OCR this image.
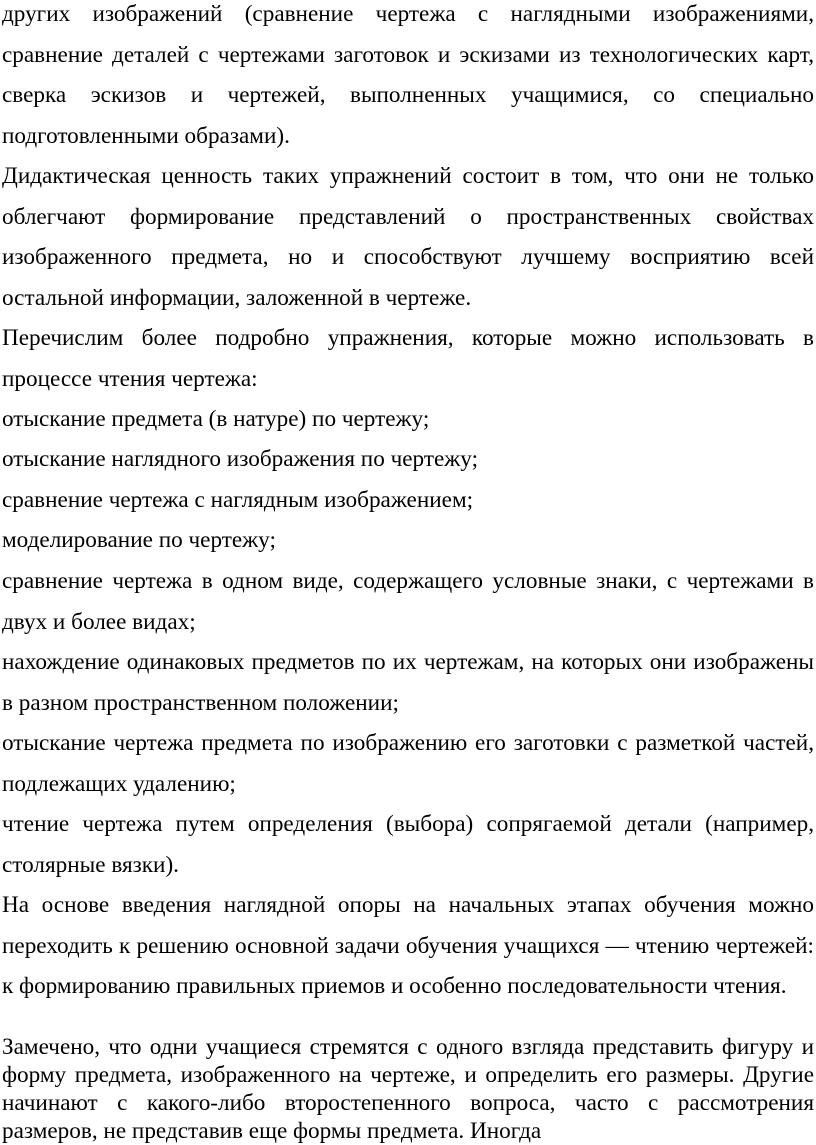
других изображений (сравнение чертежа с наглядными изображениями, сравнение деталей с чертежами заготовок и эскизами из технологических карт, сверка эскизов и чертежей, выполненных учащимися, со специально подготовленными образами).

Дидактическая ценность таких упражнений состоит в том, что они не только облегчают формирование представлений о пространственных свойствах изображенного предмета, но и способствуют лучшему восприятию всей остальной информации, заложенной в чертеже.

Перечислим более подробно упражнения, которые можно использовать в процессе чтения чертежа:

отыскание предмета (в натуре) по чертежу;

отыскание наглядного изображения по чертежу;

сравнение чертежа с наглядным изображением;

моделирование по чертежу;

сравнение чертежа в одном виде, содержащего условные знаки, с чертежами в двух и более видах;

нахождение одинаковых предметов по их чертежам, на которых они изображены в разном пространственном положении;

отыскание чертежа предмета по изображению его заготовки с разметкой частей, подлежащих удалению;

чтение чертежа путем определения (выбора) сопрягаемой детали (например, столярные вязки).

На основе введения наглядной опоры на начальных этапах обучения можно переходить к решению основной задачи обучения учащихся — чтению чертежей: к формированию правильных приемов и особенно последовательности чтения.

Замечено, что одни учащиеся стремятся с одного взгляда представить фигуру и форму предмета, изображенного на чертеже, и определить его размеры. Другие начинают с какого-либо второстепенного вопроса, часто с рассмотрения размеров, не представив еще формы предмета. Иногда
